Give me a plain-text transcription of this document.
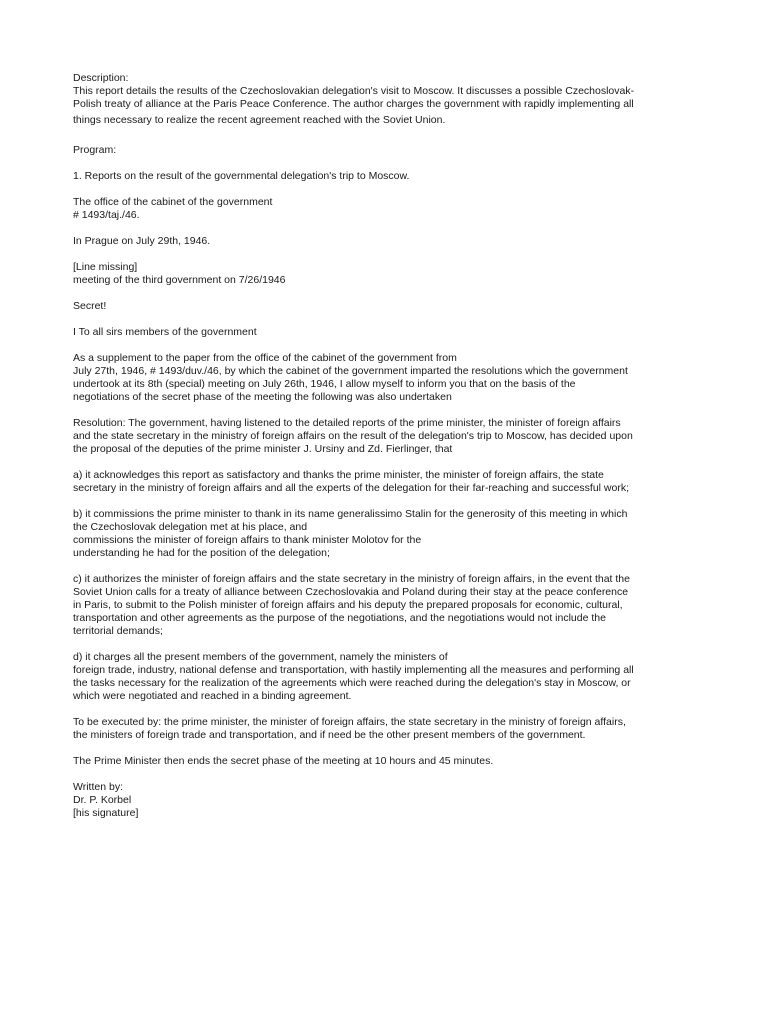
Description:
This report details the results of the Czechoslovakian delegation's visit to Moscow. It discusses a possible Czechoslovak-
Polish treaty of alliance at the Paris Peace Conference. The author charges the government with rapidly implementing all
things necessary to realize the recent agreement reached with the Soviet Union.
Program:
1. Reports on the result of the governmental delegation's trip to Moscow.
The office of the cabinet of the government
# 1493/taj./46.
In Prague on July 29th, 1946.
[Line missing]
meeting of the third government on 7/26/1946
Secret!
I To all sirs members of the government
As a supplement to the paper from the office of the cabinet of the government from
July 27th, 1946, # 1493/duv./46, by which the cabinet of the government imparted the resolutions which the government
undertook at its 8th (special) meeting on July 26th, 1946, I allow myself to inform you that on the basis of the
negotiations of the secret phase of the meeting the following was also undertaken
Resolution: The government, having listened to the detailed reports of the prime minister, the minister of foreign affairs
and the state secretary in the ministry of foreign affairs on the result of the delegation's trip to Moscow, has decided upon
the proposal of the deputies of the prime minister J. Ursiny and Zd. Fierlinger, that
a) it acknowledges this report as satisfactory and thanks the prime minister, the minister of foreign affairs, the state
secretary in the ministry of foreign affairs and all the experts of the delegation for their far-reaching and successful work;
b) it commissions the prime minister to thank in its name generalissimo Stalin for the generosity of this meeting in which
the Czechoslovak delegation met at his place, and
commissions the minister of foreign affairs to thank minister Molotov for the
understanding he had for the position of the delegation;
c) it authorizes the minister of foreign affairs and the state secretary in the ministry of foreign affairs, in the event that the
Soviet Union calls for a treaty of alliance between Czechoslovakia and Poland during their stay at the peace conference
in Paris, to submit to the Polish minister of foreign affairs and his deputy the prepared proposals for economic, cultural,
transportation and other agreements as the purpose of the negotiations, and the negotiations would not include the
territorial demands;
d) it charges all the present members of the government, namely the ministers of
foreign trade, industry, national defense and transportation, with hastily implementing all the measures and performing all
the tasks necessary for the realization of the agreements which were reached during the delegation's stay in Moscow, or
which were negotiated and reached in a binding agreement.
To be executed by: the prime minister, the minister of foreign affairs, the state secretary in the ministry of foreign affairs,
the ministers of foreign trade and transportation, and if need be the other present members of the government.
The Prime Minister then ends the secret phase of the meeting at 10 hours and 45 minutes.
Written by:
Dr. P. Korbel
[his signature]
